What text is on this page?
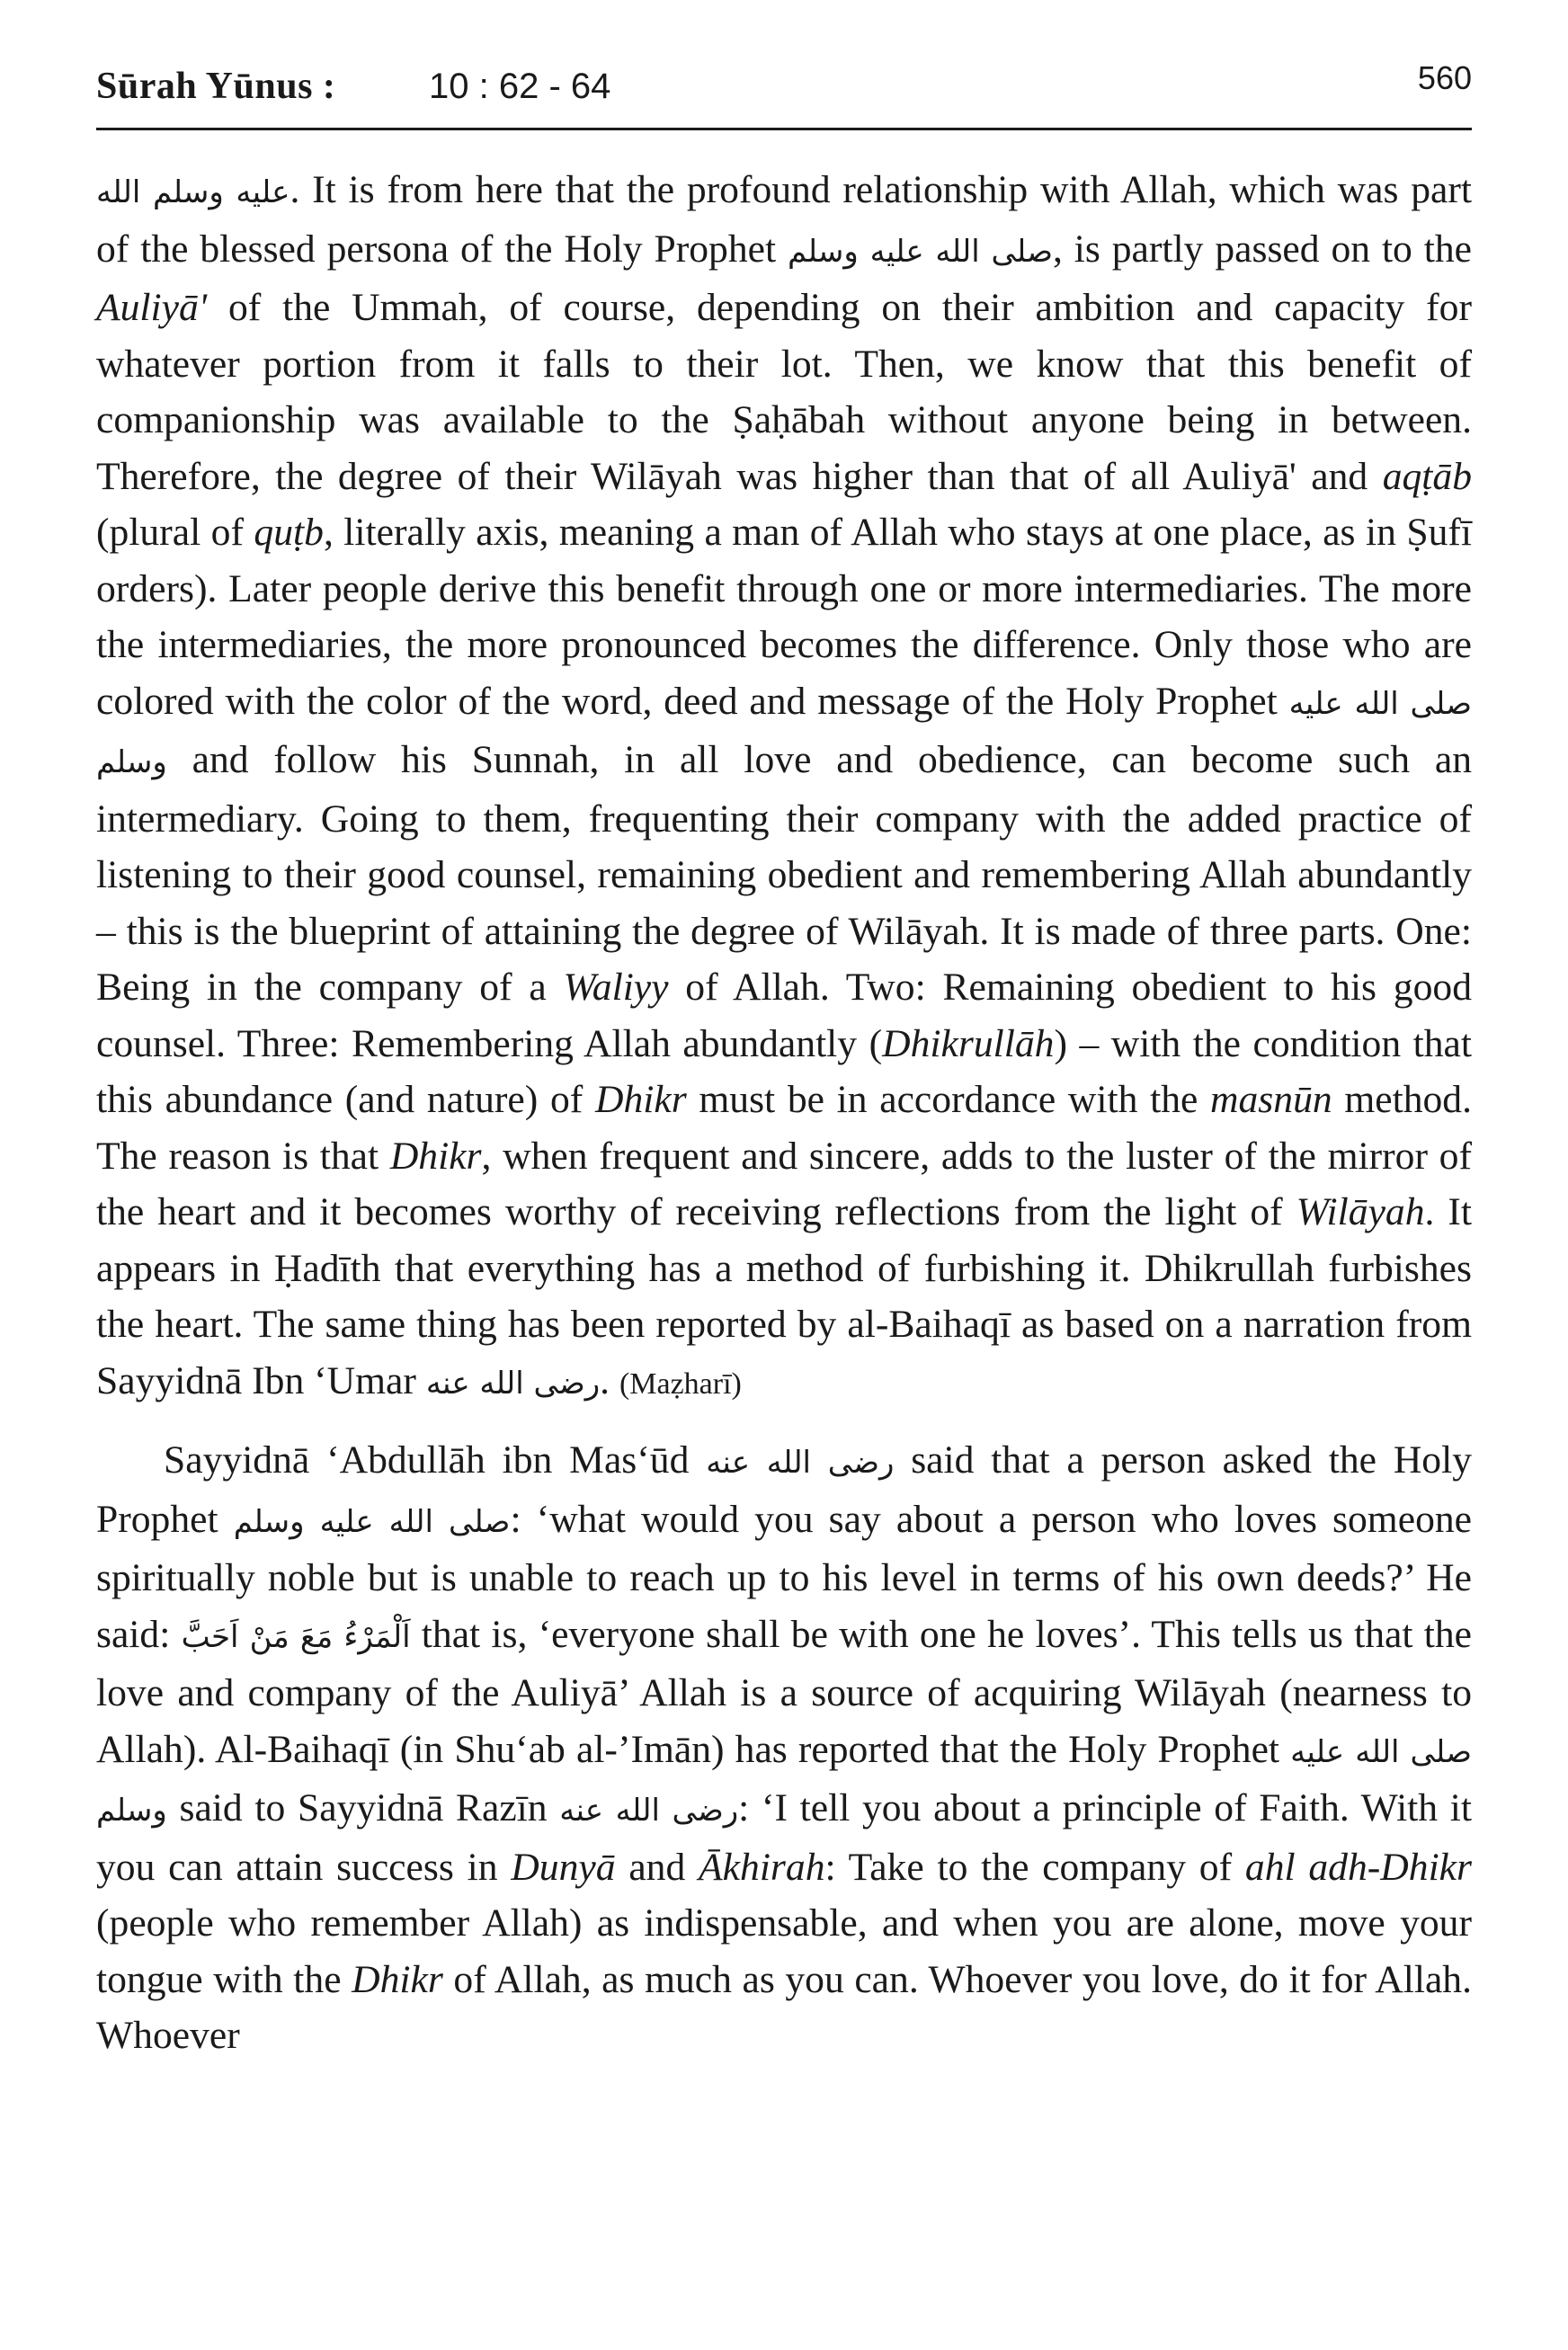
Sūrah Yūnus :	10 : 62 - 64	560

عليه وسلم الله. It is from here that the profound relationship with Allah, which was part of the blessed persona of the Holy Prophet صلى الله عليه وسلم, is partly passed on to the Auliyā' of the Ummah, of course, depending on their ambition and capacity for whatever portion from it falls to their lot. Then, we know that this benefit of companionship was available to the Ṣaḥābah without anyone being in between. Therefore, the degree of their Wilāyah was higher than that of all Auliyā' and aqṭāb (plural of quṭb, literally axis, meaning a man of Allah who stays at one place, as in Ṣufī orders). Later people derive this benefit through one or more intermediaries. The more the intermediaries, the more pronounced becomes the difference. Only those who are colored with the color of the word, deed and message of the Holy Prophet صلى الله عليه وسلم and follow his Sunnah, in all love and obedience, can become such an intermediary. Going to them, frequenting their company with the added practice of listening to their good counsel, remaining obedient and remembering Allah abundantly – this is the blueprint of attaining the degree of Wilāyah. It is made of three parts. One: Being in the company of a Waliyy of Allah. Two: Remaining obedient to his good counsel. Three: Remembering Allah abundantly (Dhikrullāh) – with the condition that this abundance (and nature) of Dhikr must be in accordance with the masnūn method. The reason is that Dhikr, when frequent and sincere, adds to the luster of the mirror of the heart and it becomes worthy of receiving reflections from the light of Wilāyah. It appears in Ḥadīth that everything has a method of furbishing it. Dhikrullah furbishes the heart. The same thing has been reported by al-Baihaqī as based on a narration from Sayyidnā Ibn ‘Umar رضى الله عنه. (Maẓharī)

Sayyidnā ‘Abdullāh ibn Mas‘ūd رضى الله عنه said that a person asked the Holy Prophet صلى الله عليه وسلم: ‘what would you say about a person who loves someone spiritually noble but is unable to reach up to his level in terms of his own deeds?’ He said: اَلْمَرْءُ مَعَ مَنْ اَحَبَّ that is, ‘everyone shall be with one he loves’. This tells us that the love and company of the Auliyā’ Allah is a source of acquiring Wilāyah (nearness to Allah). Al-Baihaqī (in Shu‘ab al-’Imān) has reported that the Holy Prophet صلى الله عليه وسلم said to Sayyidnā Razīn رضى الله عنه: ‘I tell you about a principle of Faith. With it you can attain success in Dunyā and Ākhirah: Take to the company of ahl adh-Dhikr (people who remember Allah) as indispensable, and when you are alone, move your tongue with the Dhikr of Allah, as much as you can. Whoever you love, do it for Allah. Whoever
